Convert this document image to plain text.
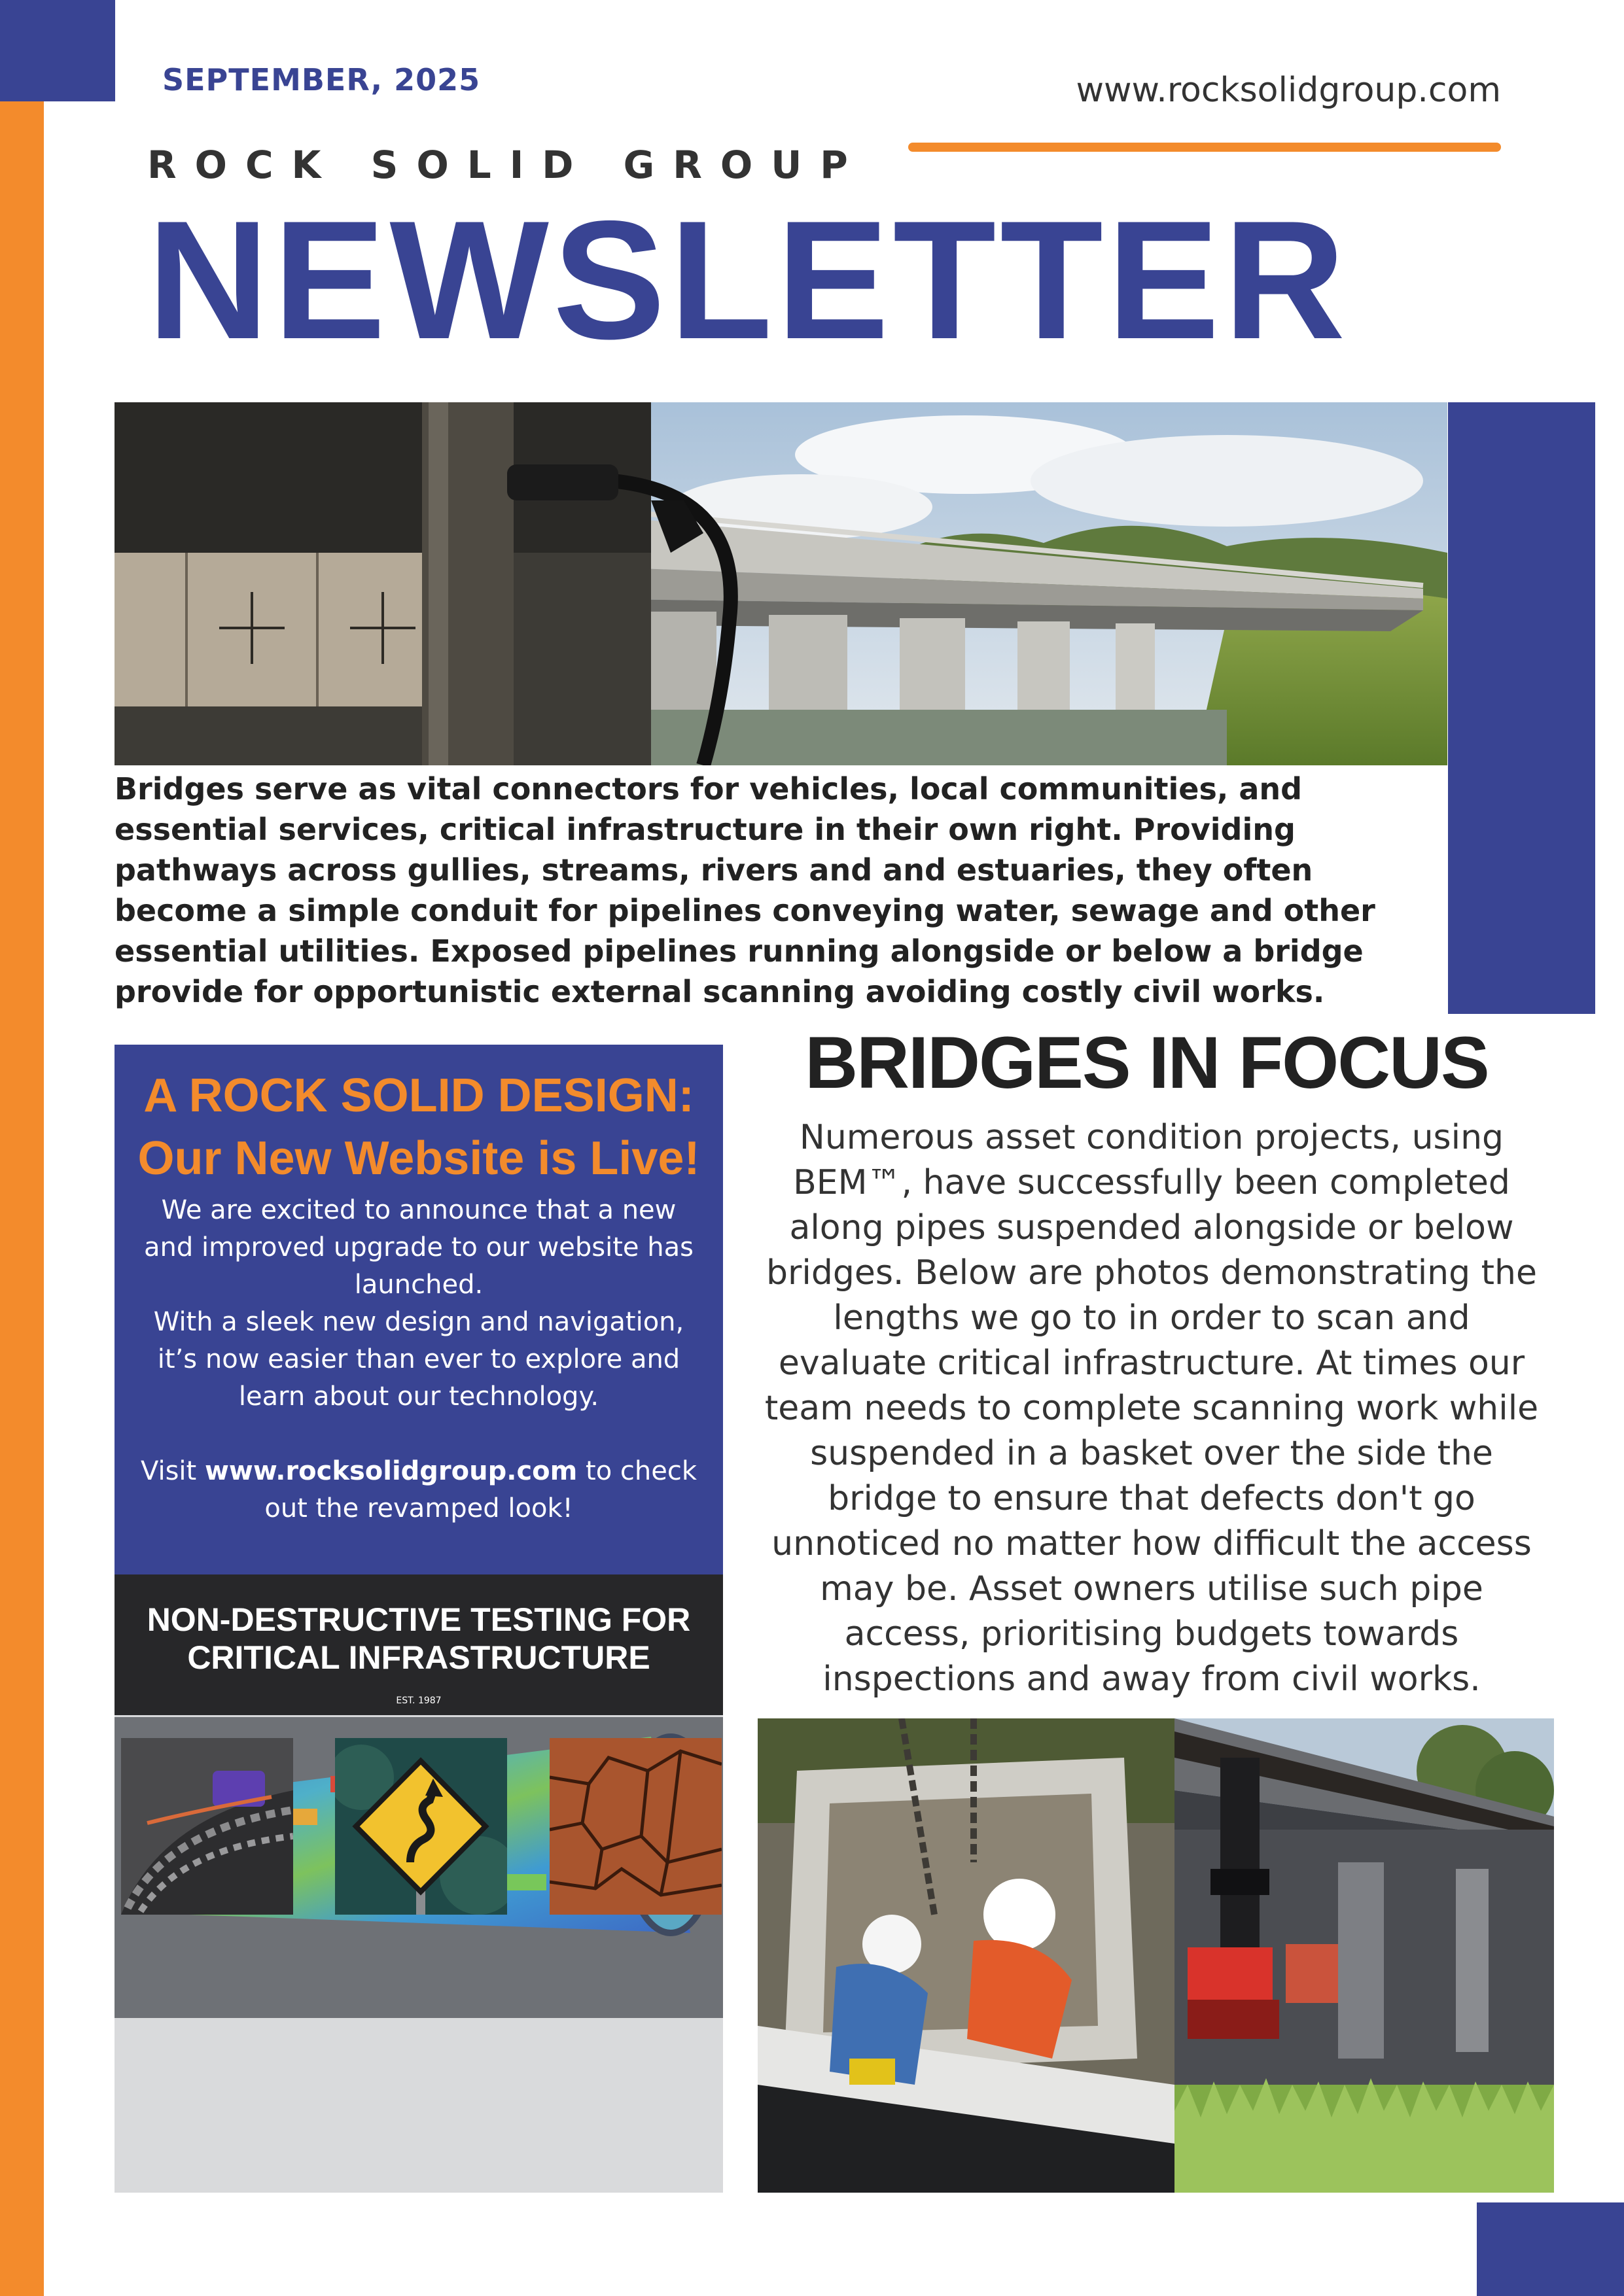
SEPTEMBER, 2025	www.rocksolidgroup.com
ROCK SOLID GROUP
NEWSLETTER
Bridges serve as vital connectors for vehicles, local communities, and essential services, critical infrastructure in their own right. Providing pathways across gullies, streams, rivers and and estuaries, they often become a simple conduit for pipelines conveying water, sewage and other essential utilities. Exposed pipelines running alongside or below a bridge provide for opportunistic external scanning avoiding costly civil works.
A ROCK SOLID DESIGN:
Our New Website is Live!

We are excited to announce that a new and improved upgrade to our website has launched.

With a sleek new design and navigation, it’s now easier than ever to explore and learn about our technology.

Visit www.rocksolidgroup.com to check out the revamped look!

NON-DESTRUCTIVE TESTING FOR CRITICAL INFRASTRUCTURE
EST. 1987
BRIDGES IN FOCUS
Numerous asset condition projects, using BEM™, have successfully been completed along pipes suspended alongside or below bridges. Below are photos demonstrating the lengths we go to in order to scan and evaluate critical infrastructure. At times our team needs to complete scanning work while suspended in a basket over the side the bridge to ensure that defects don't go unnoticed no matter how difficult the access may be. Asset owners utilise such pipe access, prioritising budgets towards inspections and away from civil works.
